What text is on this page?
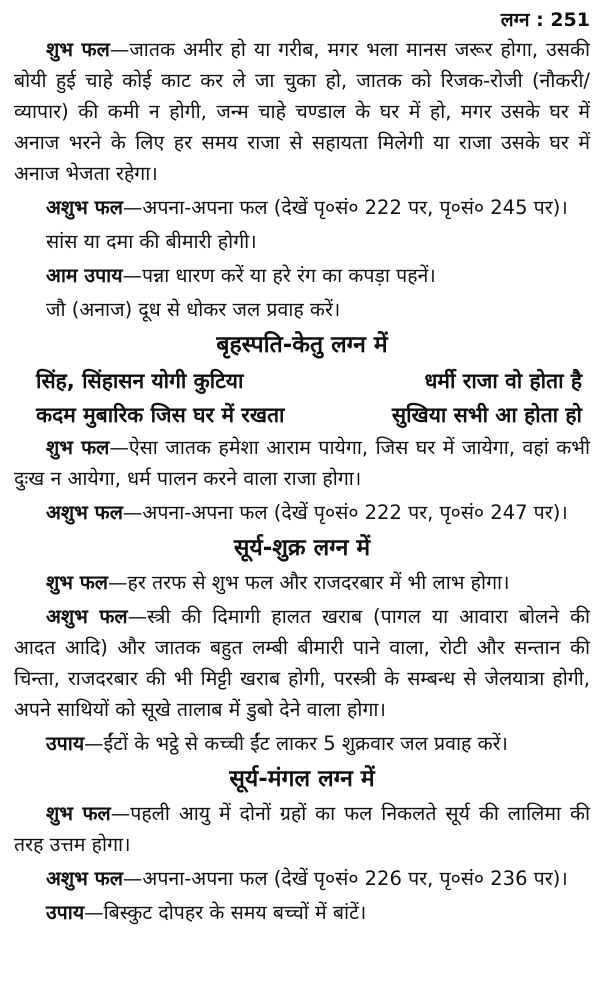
लग्न : 251

शुभ फल—जातक अमीर हो या गरीब, मगर भला मानस जरूर होगा, उसकी बोयी हुई चाहे कोई काट कर ले जा चुका हो, जातक को रिजक-रोजी (नौकरी/व्यापार) की कमी न होगी, जन्म चाहे चण्डाल के घर में हो, मगर उसके घर में अनाज भरने के लिए हर समय राजा से सहायता मिलेगी या राजा उसके घर में अनाज भेजता रहेगा।

अशुभ फल—अपना-अपना फल (देखें पृ०सं० 222 पर, पृ०सं० 245 पर)।

सांस या दमा की बीमारी होगी।

आम उपाय—पन्ना धारण करें या हरे रंग का कपड़ा पहनें।

जौ (अनाज) दूध से धोकर जल प्रवाह करें।

बृहस्पति-केतु लग्न में
सिंह, सिंहासन योगी कुटिया	धर्मी राजा वो होता है
कदम मुबारिक जिस घर में रखता	सुखिया सभी आ होता हो

शुभ फल—ऐसा जातक हमेशा आराम पायेगा, जिस घर में जायेगा, वहां कभी दुःख न आयेगा, धर्म पालन करने वाला राजा होगा।

अशुभ फल—अपना-अपना फल (देखें पृ०सं० 222 पर, पृ०सं० 247 पर)।

सूर्य-शुक्र लग्न में

शुभ फल—हर तरफ से शुभ फल और राजदरबार में भी लाभ होगा।

अशुभ फल—स्त्री की दिमागी हालत खराब (पागल या आवारा बोलने की आदत आदि) और जातक बहुत लम्बी बीमारी पाने वाला, रोटी और सन्तान की चिन्ता, राजदरबार की भी मिट्टी खराब होगी, परस्त्री के सम्बन्ध से जेलयात्रा होगी, अपने साथियों को सूखे तालाब में डुबो देने वाला होगा।

उपाय—ईंटों के भट्ठे से कच्ची ईंट लाकर 5 शुक्रवार जल प्रवाह करें।

सूर्य-मंगल लग्न में

शुभ फल—पहली आयु में दोनों ग्रहों का फल निकलते सूर्य की लालिमा की तरह उत्तम होगा।

अशुभ फल—अपना-अपना फल (देखें पृ०सं० 226 पर, पृ०सं० 236 पर)।

उपाय—बिस्कुट दोपहर के समय बच्चों में बांटें।
